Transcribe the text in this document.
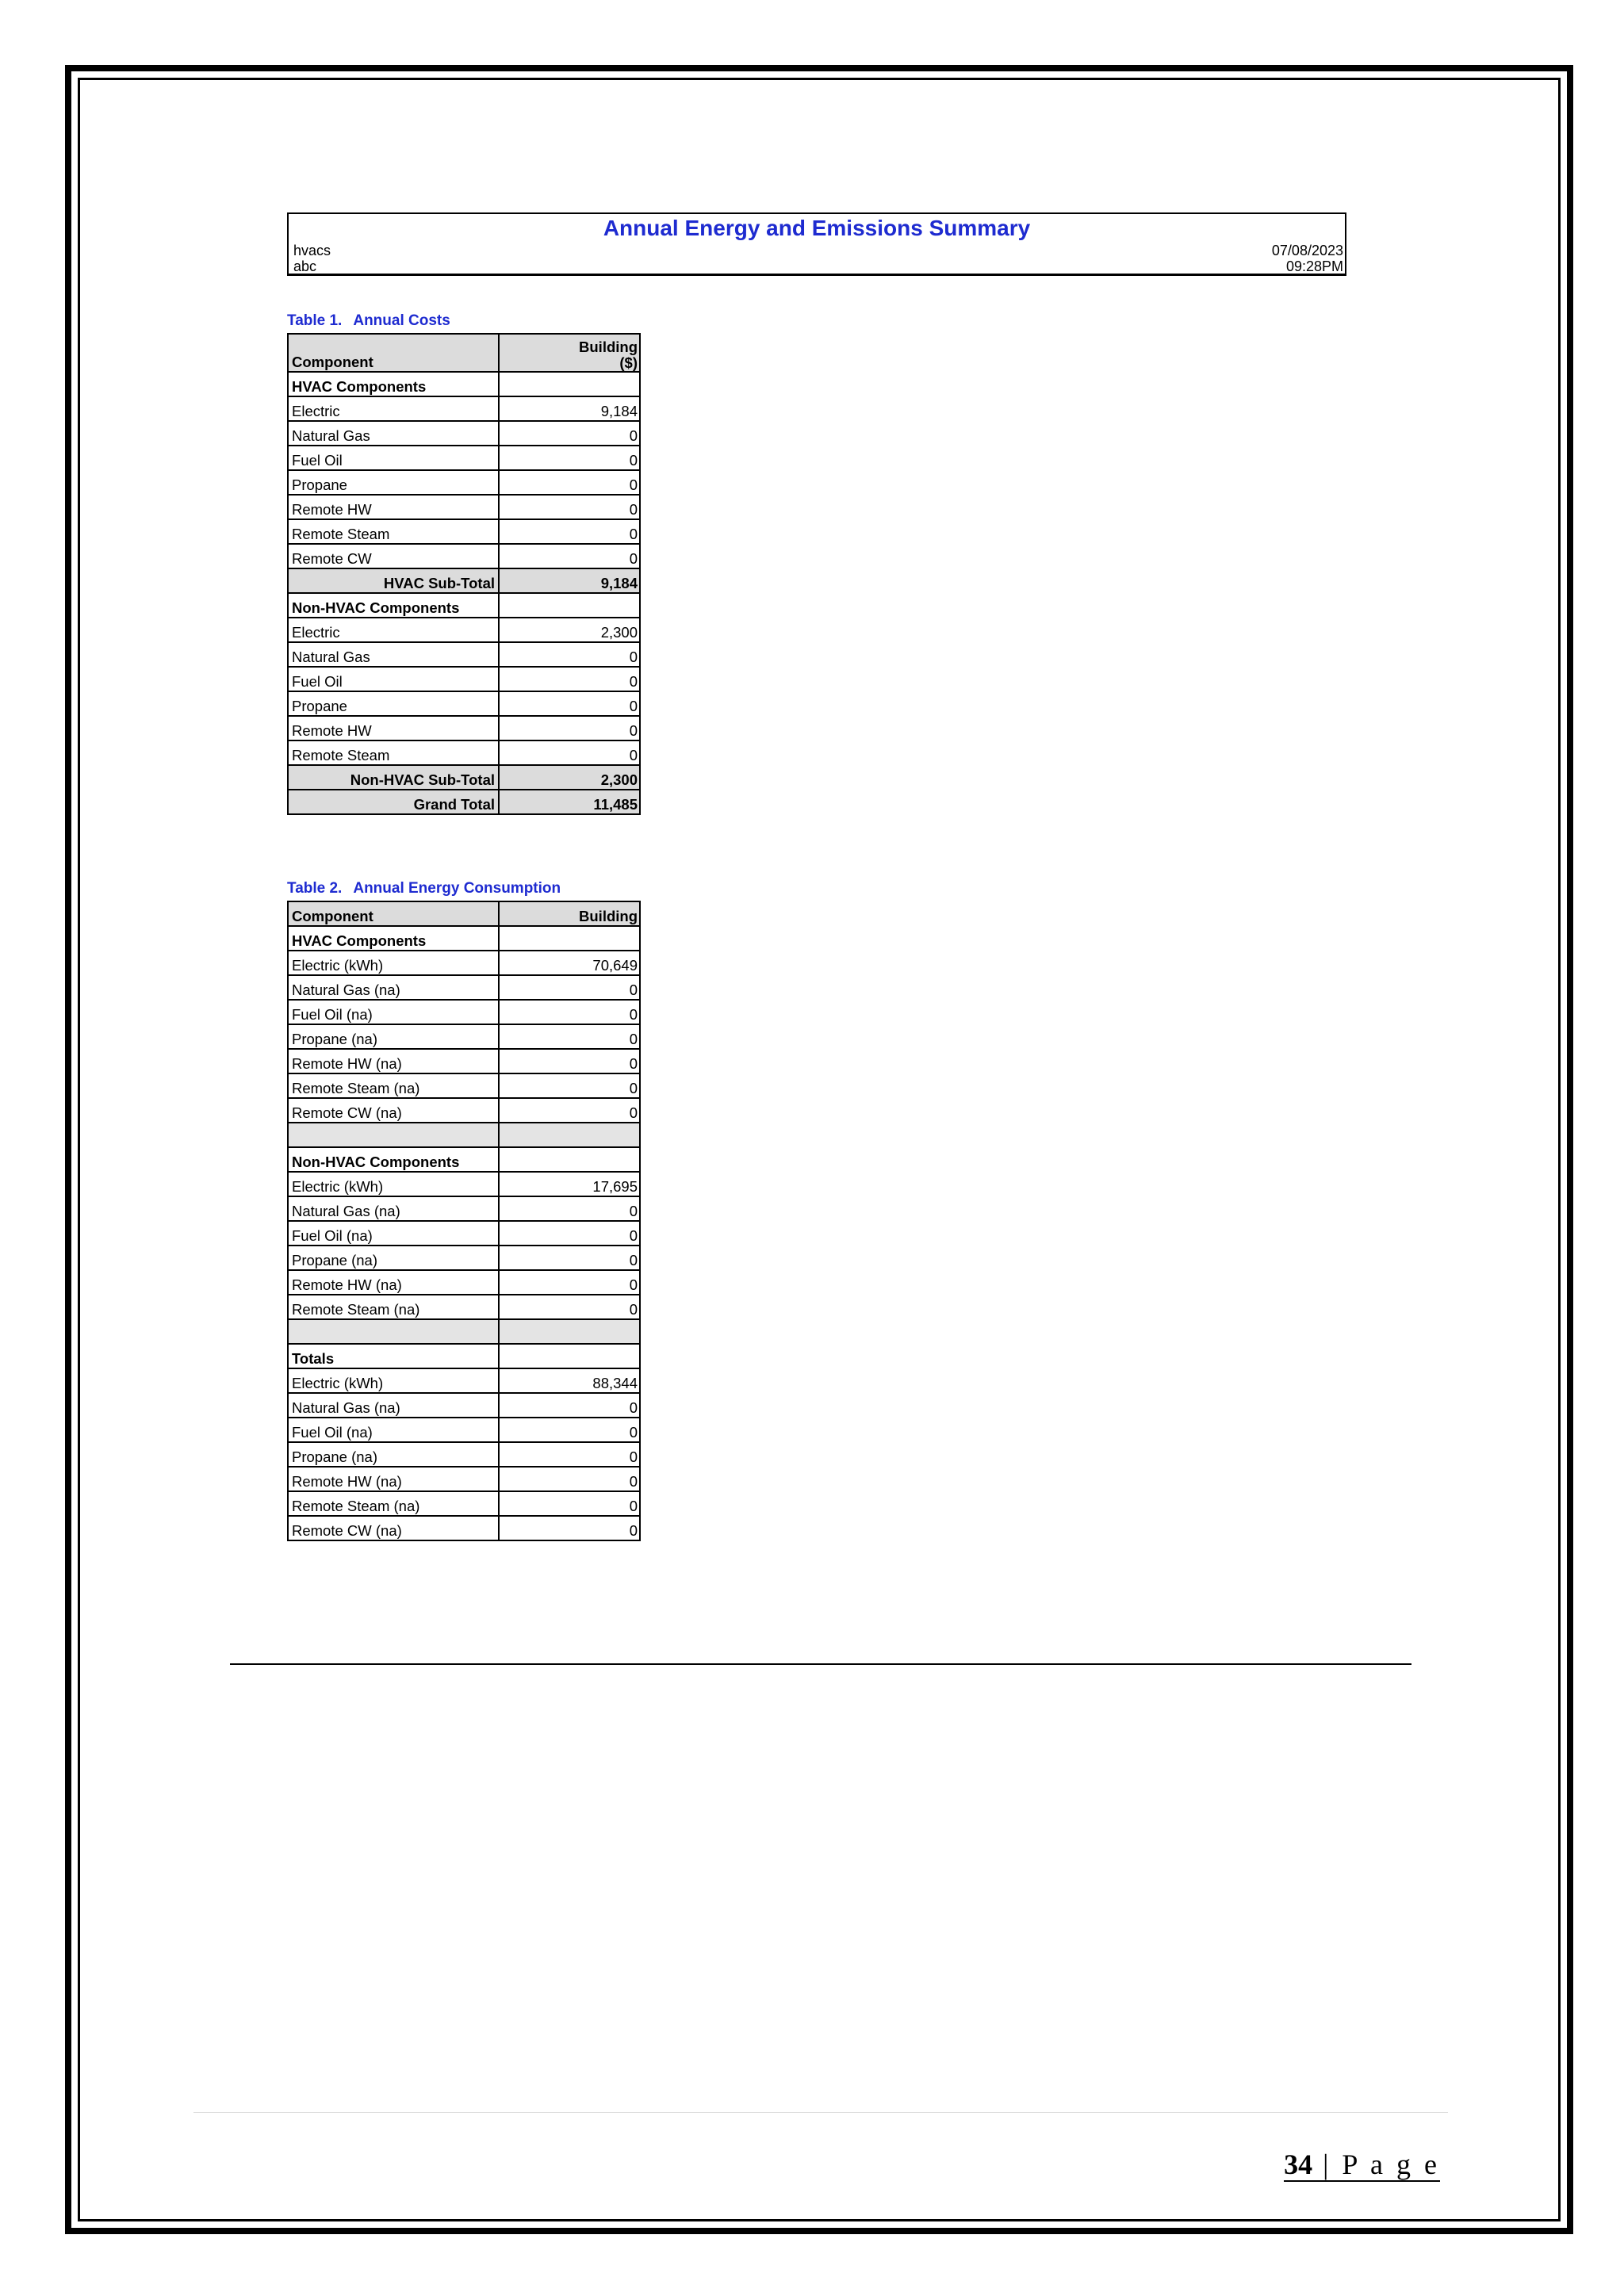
Annual Energy and Emissions Summary
hvacs
abc
07/08/2023
09:28PM
Table 1. Annual Costs
Component	Building
($)

HVAC Components	
Electric	9,184
Natural Gas	0
Fuel Oil	0
Propane	0
Remote HW	0
Remote Steam	0
Remote CW	0
HVAC Sub-Total	9,184
Non-HVAC Components	
Electric	2,300
Natural Gas	0
Fuel Oil	0
Propane	0
Remote HW	0
Remote Steam	0
Non-HVAC Sub-Total	2,300
Grand Total	11,485
Table 2. Annual Energy Consumption
Component	Building
HVAC Components	
Electric (kWh)	70,649
Natural Gas (na)	0
Fuel Oil (na)	0
Propane (na)	0
Remote HW (na)	0
Remote Steam (na)	0
Remote CW (na)	0

Non-HVAC Components	
Electric (kWh)	17,695
Natural Gas (na)	0
Fuel Oil (na)	0
Propane (na)	0
Remote HW (na)	0
Remote Steam (na)	0

Totals	
Electric (kWh)	88,344
Natural Gas (na)	0
Fuel Oil (na)	0
Propane (na)	0
Remote HW (na)	0
Remote Steam (na)	0
Remote CW (na)	0
34 | P a g e
